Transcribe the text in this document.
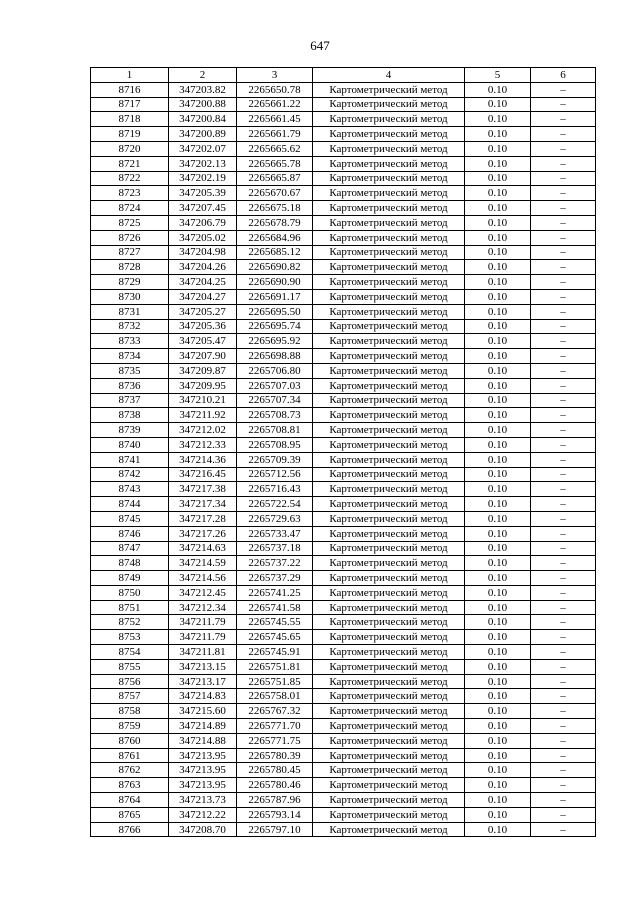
647
1	2	3	4	5	6
8716	347203.82	2265650.78	Картометрический метод	0.10	–
8717	347200.88	2265661.22	Картометрический метод	0.10	–
8718	347200.84	2265661.45	Картометрический метод	0.10	–
8719	347200.89	2265661.79	Картометрический метод	0.10	–
8720	347202.07	2265665.62	Картометрический метод	0.10	–
8721	347202.13	2265665.78	Картометрический метод	0.10	–
8722	347202.19	2265665.87	Картометрический метод	0.10	–
8723	347205.39	2265670.67	Картометрический метод	0.10	–
8724	347207.45	2265675.18	Картометрический метод	0.10	–
8725	347206.79	2265678.79	Картометрический метод	0.10	–
8726	347205.02	2265684.96	Картометрический метод	0.10	–
8727	347204.98	2265685.12	Картометрический метод	0.10	–
8728	347204.26	2265690.82	Картометрический метод	0.10	–
8729	347204.25	2265690.90	Картометрический метод	0.10	–
8730	347204.27	2265691.17	Картометрический метод	0.10	–
8731	347205.27	2265695.50	Картометрический метод	0.10	–
8732	347205.36	2265695.74	Картометрический метод	0.10	–
8733	347205.47	2265695.92	Картометрический метод	0.10	–
8734	347207.90	2265698.88	Картометрический метод	0.10	–
8735	347209.87	2265706.80	Картометрический метод	0.10	–
8736	347209.95	2265707.03	Картометрический метод	0.10	–
8737	347210.21	2265707.34	Картометрический метод	0.10	–
8738	347211.92	2265708.73	Картометрический метод	0.10	–
8739	347212.02	2265708.81	Картометрический метод	0.10	–
8740	347212.33	2265708.95	Картометрический метод	0.10	–
8741	347214.36	2265709.39	Картометрический метод	0.10	–
8742	347216.45	2265712.56	Картометрический метод	0.10	–
8743	347217.38	2265716.43	Картометрический метод	0.10	–
8744	347217.34	2265722.54	Картометрический метод	0.10	–
8745	347217.28	2265729.63	Картометрический метод	0.10	–
8746	347217.26	2265733.47	Картометрический метод	0.10	–
8747	347214.63	2265737.18	Картометрический метод	0.10	–
8748	347214.59	2265737.22	Картометрический метод	0.10	–
8749	347214.56	2265737.29	Картометрический метод	0.10	–
8750	347212.45	2265741.25	Картометрический метод	0.10	–
8751	347212.34	2265741.58	Картометрический метод	0.10	–
8752	347211.79	2265745.55	Картометрический метод	0.10	–
8753	347211.79	2265745.65	Картометрический метод	0.10	–
8754	347211.81	2265745.91	Картометрический метод	0.10	–
8755	347213.15	2265751.81	Картометрический метод	0.10	–
8756	347213.17	2265751.85	Картометрический метод	0.10	–
8757	347214.83	2265758.01	Картометрический метод	0.10	–
8758	347215.60	2265767.32	Картометрический метод	0.10	–
8759	347214.89	2265771.70	Картометрический метод	0.10	–
8760	347214.88	2265771.75	Картометрический метод	0.10	–
8761	347213.95	2265780.39	Картометрический метод	0.10	–
8762	347213.95	2265780.45	Картометрический метод	0.10	–
8763	347213.95	2265780.46	Картометрический метод	0.10	–
8764	347213.73	2265787.96	Картометрический метод	0.10	–
8765	347212.22	2265793.14	Картометрический метод	0.10	–
8766	347208.70	2265797.10	Картометрический метод	0.10	–
